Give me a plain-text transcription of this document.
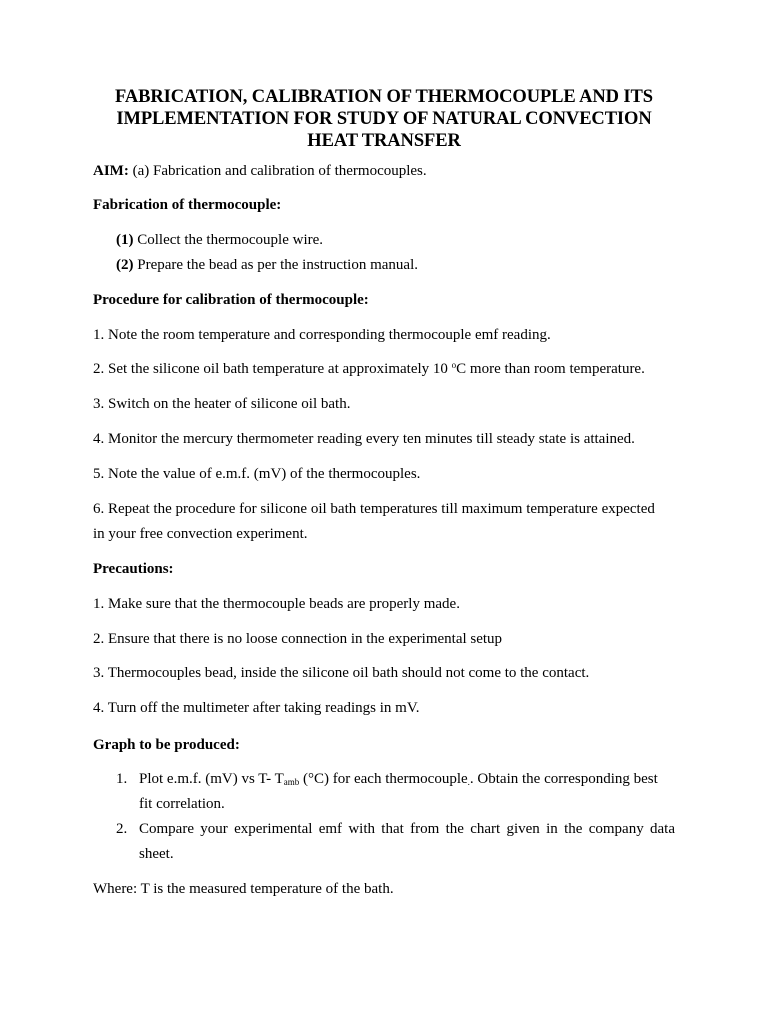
FABRICATION, CALIBRATION OF THERMOCOUPLE AND ITS IMPLEMENTATION FOR STUDY OF NATURAL CONVECTION HEAT TRANSFER
AIM: (a) Fabrication and calibration of thermocouples.
Fabrication of thermocouple:
(1) Collect the thermocouple wire.
(2) Prepare the bead as per the instruction manual.
Procedure for calibration of thermocouple:
1. Note the room temperature and corresponding thermocouple emf reading.
2. Set the silicone oil bath temperature at approximately 10 $^o$C more than room temperature.
3. Switch on the heater of silicone oil bath.
4. Monitor the mercury thermometer reading every ten minutes till steady state is attained.
5. Note the value of e.m.f. (mV) of the thermocouples.
6. Repeat the procedure for silicone oil bath temperatures till maximum temperature expected
in your free convection experiment.
Precautions:
1. Make sure that the thermocouple beads are properly made.
2. Ensure that there is no loose connection in the experimental setup
3. Thermocouples bead, inside the silicone oil bath should not come to the contact.
4. Turn off the multimeter after taking readings in mV.
Graph to be produced:
1. Plot e.m.f. (mV) vs T- $T_{amb}$ (°C) for each thermocouple$_.$. Obtain the corresponding best
fit correlation.
2. Compare your experimental emf with that from the chart given in the company data sheet.
Where: T is the measured temperature of the bath.
